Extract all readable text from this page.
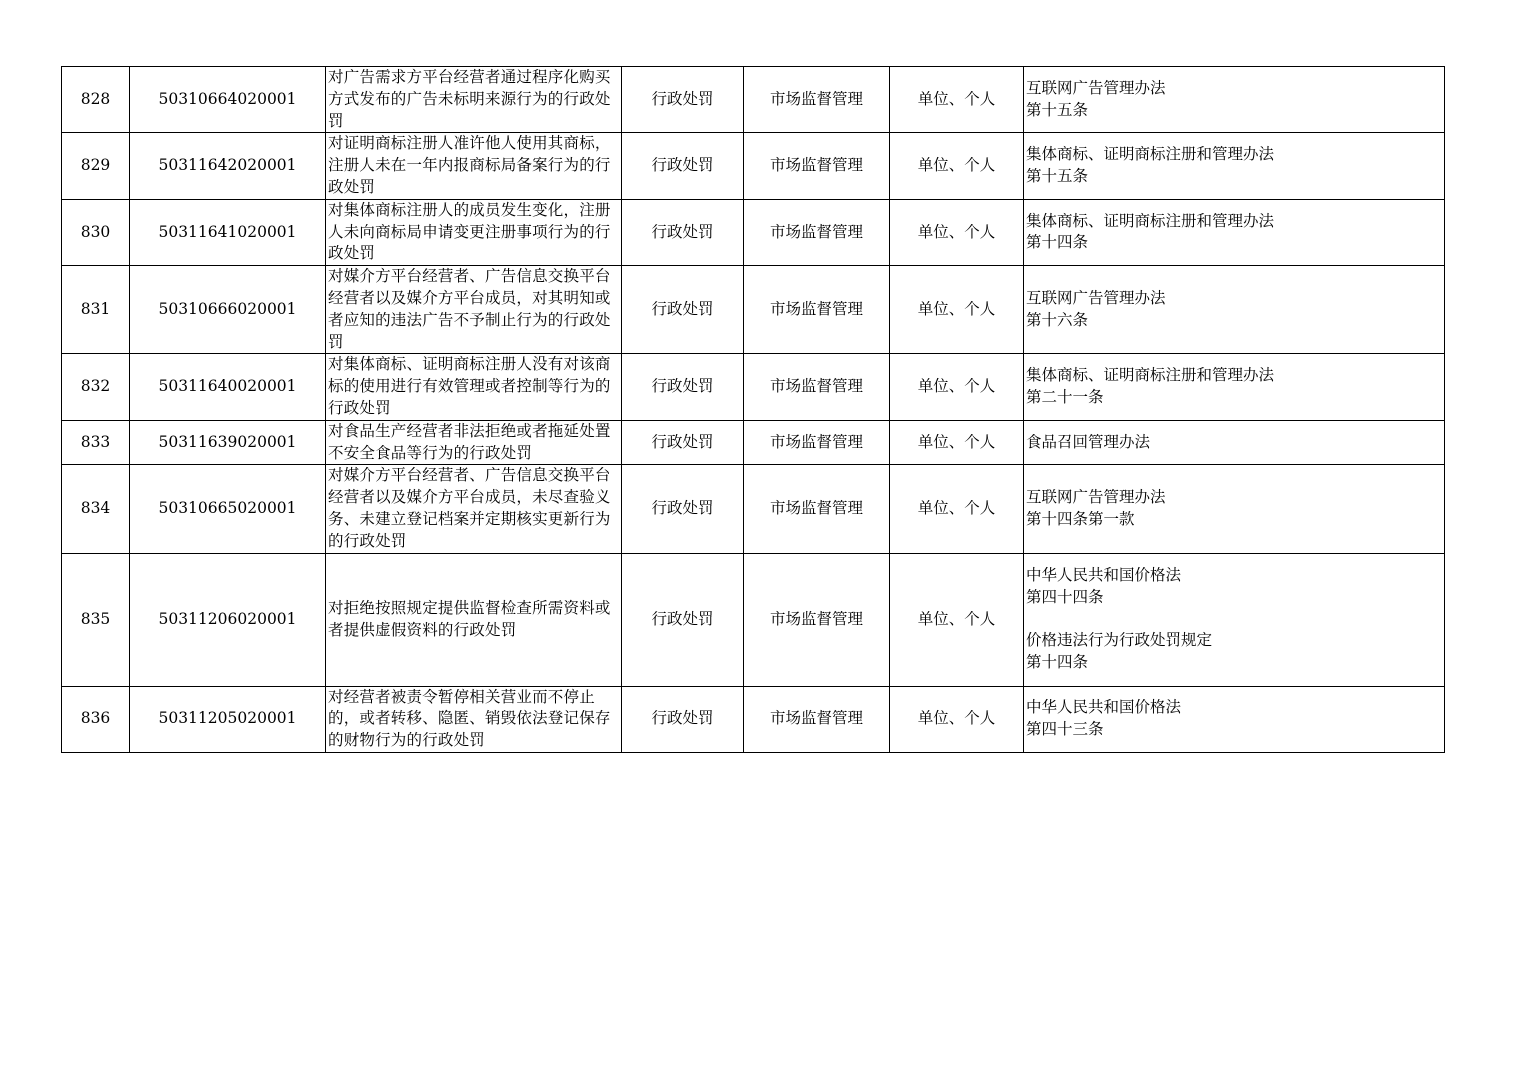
828	50310664020001	对广告需求方平台经营者通过程序化购买方式发布的广告未标明来源行为的行政处罚	行政处罚	市场监督管理	单位、个人	互联网广告管理办法
第十五条

829	50311642020001	对证明商标注册人准许他人使用其商标，注册人未在一年内报商标局备案行为的行政处罚	行政处罚	市场监督管理	单位、个人	集体商标、证明商标注册和管理办法
第十五条

830	50311641020001	对集体商标注册人的成员发生变化，注册人未向商标局申请变更注册事项行为的行政处罚	行政处罚	市场监督管理	单位、个人	集体商标、证明商标注册和管理办法
第十四条

831	50310666020001	对媒介方平台经营者、广告信息交换平台经营者以及媒介方平台成员，对其明知或者应知的违法广告不予制止行为的行政处罚	行政处罚	市场监督管理	单位、个人	互联网广告管理办法
第十六条

832	50311640020001	对集体商标、证明商标注册人没有对该商标的使用进行有效管理或者控制等行为的行政处罚	行政处罚	市场监督管理	单位、个人	集体商标、证明商标注册和管理办法
第二十一条

833	50311639020001	对食品生产经营者非法拒绝或者拖延处置不安全食品等行为的行政处罚	行政处罚	市场监督管理	单位、个人	食品召回管理办法

834	50310665020001	对媒介方平台经营者、广告信息交换平台经营者以及媒介方平台成员，未尽查验义务、未建立登记档案并定期核实更新行为的行政处罚	行政处罚	市场监督管理	单位、个人	互联网广告管理办法
第十四条第一款

835	50311206020001	对拒绝按照规定提供监督检查所需资料或者提供虚假资料的行政处罚	行政处罚	市场监督管理	单位、个人	中华人民共和国价格法
第四十四条
价格违法行为行政处罚规定
第十四条

836	50311205020001	对经营者被责令暂停相关营业而不停止的，或者转移、隐匿、销毁依法登记保存的财物行为的行政处罚	行政处罚	市场监督管理	单位、个人	中华人民共和国价格法
第四十三条
